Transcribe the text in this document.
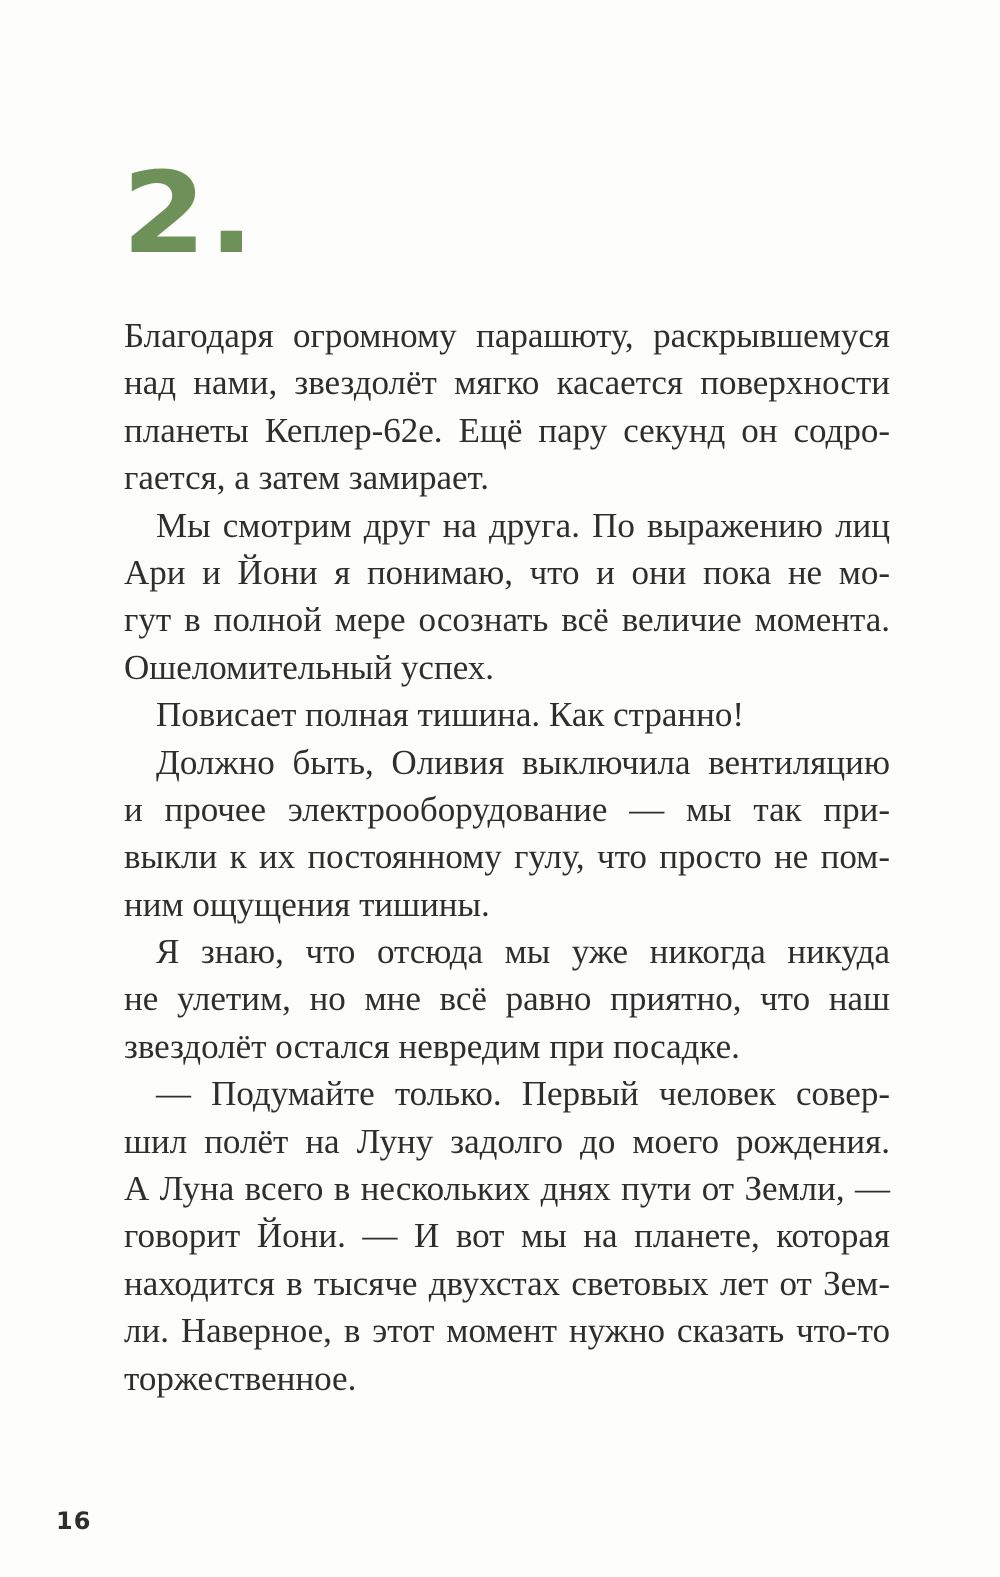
2.
Благодаря огромному парашюту, раскрывшемуся
над нами, звездолёт мягко касается поверхности
планеты Кеплер-62е. Ещё пару секунд он содро-
гается, а затем замирает.
Мы смотрим друг на друга. По выражению лиц
Ари и Йони я понимаю, что и они пока не мо-
гут в полной мере осознать всё величие момента.
Ошеломительный успех.
Повисает полная тишина. Как странно!
Должно быть, Оливия выключила вентиляцию
и прочее электрооборудование — мы так при-
выкли к их постоянному гулу, что просто не пом-
ним ощущения тишины.
Я знаю, что отсюда мы уже никогда никуда
не улетим, но мне всё равно приятно, что наш
звездолёт остался невредим при посадке.
— Подумайте только. Первый человек совер-
шил полёт на Луну задолго до моего рождения.
А Луна всего в нескольких днях пути от Земли, —
говорит Йони. — И вот мы на планете, которая
находится в тысяче двухстах световых лет от Зем-
ли. Наверное, в этот момент нужно сказать что-то
торжественное.
16
